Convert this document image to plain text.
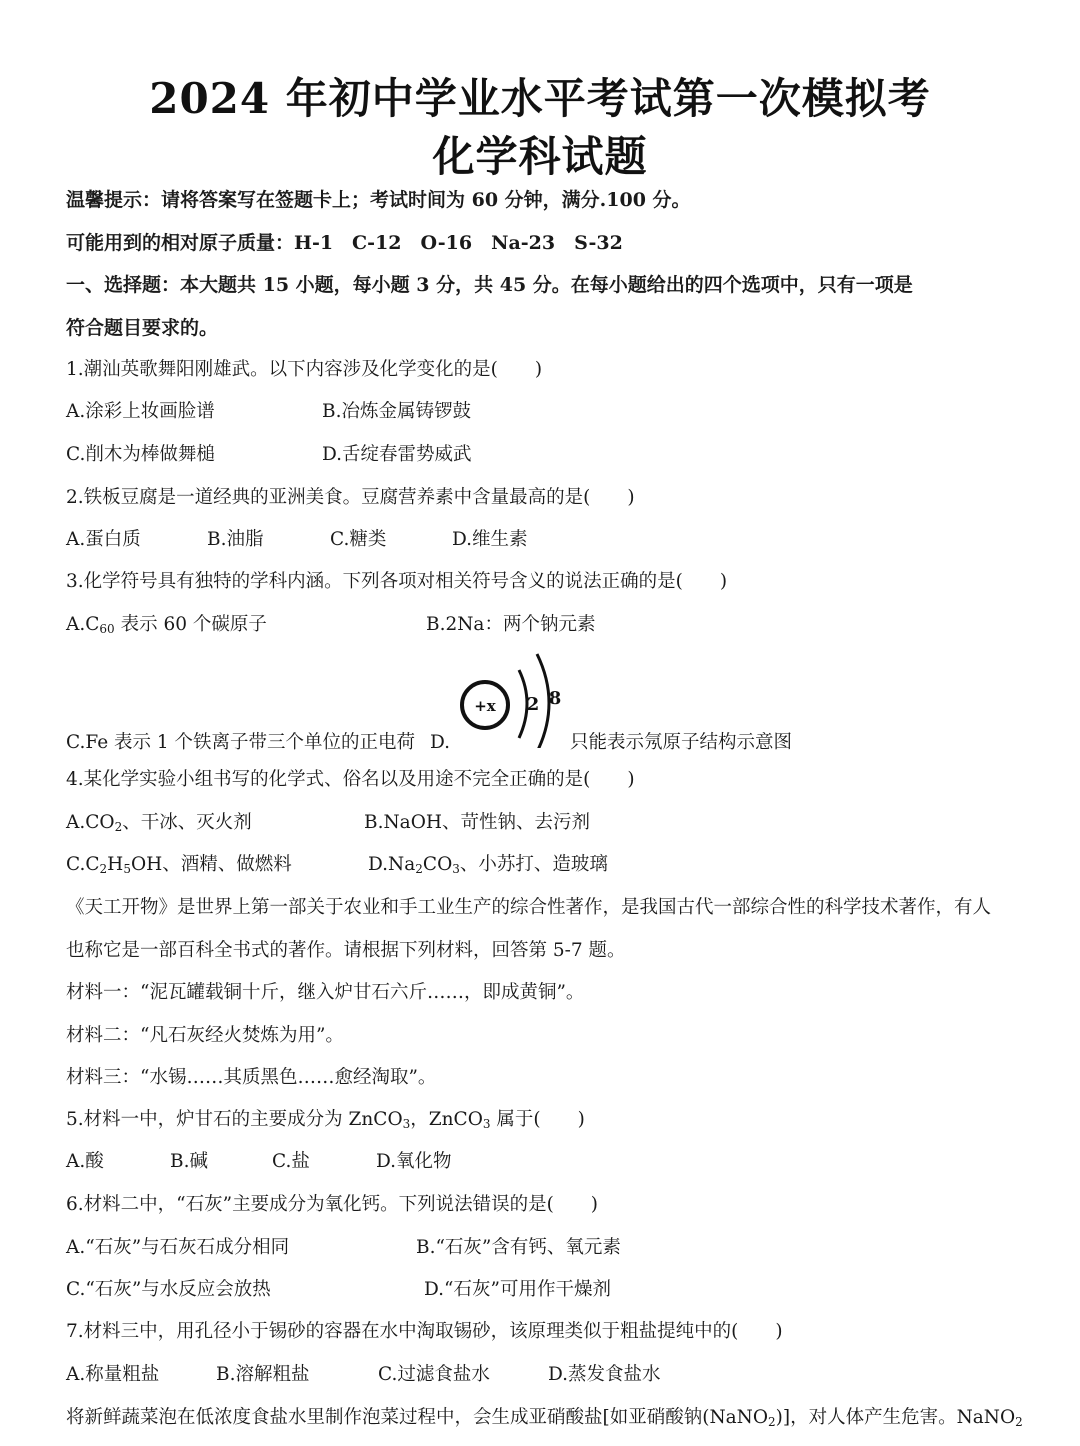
2024 年初中学业水平考试第一次模拟考
化学科试题
温馨提示：请将答案写在签题卡上；考试时间为 60 分钟，满分.100 分。
可能用到的相对原子质量：H-1　C-12　O-16　Na-23　S-32
一、选择题：本大题共 15 小题，每小题 3 分，共 45 分。在每小题给出的四个选项中，只有一项是
符合题目要求的。
1.潮汕英歌舞阳刚雄武。以下内容涉及化学变化的是(　　)
A.涂彩上妆画脸谱	B.冶炼金属铸锣鼓
C.削木为棒做舞槌	D.舌绽春雷势威武
2.铁板豆腐是一道经典的亚洲美食。豆腐营养素中含量最高的是(　　)
A.蛋白质	B.油脂	C.糖类	D.维生素
3.化学符号具有独特的学科内涵。下列各项对相关符号含义的说法正确的是(　　)
$A.C_{60}$ 表示 60 个碳原子	B.2Na：两个钠元素
+x 2 8
C.Fe 表示 1 个铁离子带三个单位的正电荷 D.	只能表示氖原子结构示意图
4.某化学实验小组书写的化学式、俗名以及用途不完全正确的是(　　)
$A.CO_2$、干冰、灭火剂	B.NaOH、苛性钠、去污剂
$C.C_2H_5OH$、酒精、做燃料	$D.Na_2CO_3$、小苏打、造玻璃
《天工开物》是世界上第一部关于农业和手工业生产的综合性著作，是我国古代一部综合性的科学技术著作，有人
也称它是一部百科全书式的著作。请根据下列材料，回答第 5-7 题。
材料一：“泥瓦罐载铜十斤，继入炉甘石六斤……，即成黄铜”。
材料二：“凡石灰经火焚炼为用”。
材料三：“水锡……其质黑色……愈经淘取”。
5.材料一中，炉甘石的主要成分为 ZnCO$_3$，ZnCO$_3$ 属于(　　)
A.酸	B.碱	C.盐	D.氧化物
6.材料二中，“石灰”主要成分为氧化钙。下列说法错误的是(　　)
A.“石灰”与石灰石成分相同	B.“石灰”含有钙、氧元素
C.“石灰”与水反应会放热	D.“石灰”可用作干燥剂
7.材料三中，用孔径小于锡砂的容器在水中淘取锡砂，该原理类似于粗盐提纯中的(　　)
A.称量粗盐	B.溶解粗盐	C.过滤食盐水	D.蒸发食盐水
将新鲜蔬菜泡在低浓度食盐水里制作泡菜过程中，会生成亚硝酸盐[如亚硝酸钠(NaNO$_2$)]，对人体产生危害。NaNO$_2$
